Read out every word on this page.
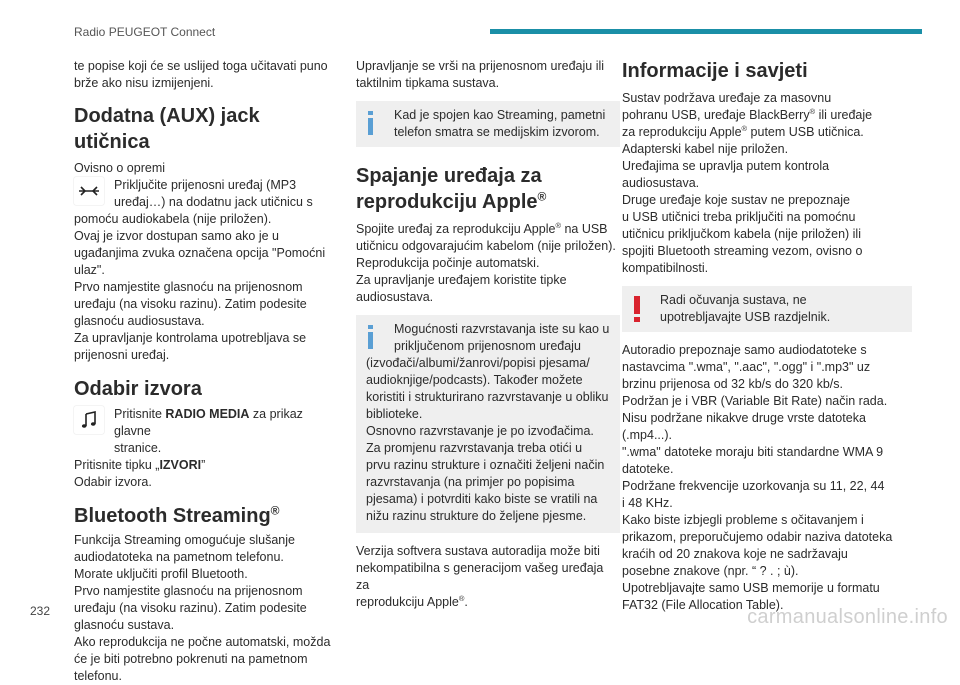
Radio PEUGEOT Connect

te popise koji će se uslijed toga učitavati puno

brže ako nisu izmijenjeni.

Dodatna (AUX) jack utičnica

Ovisno o opremi

Priključite prijenosni uređaj (MP3

uređaj…) na dodatnu jack utičnicu s

pomoću audiokabela (nije priložen).

Ovaj je izvor dostupan samo ako je u

ugađanjima zvuka označena opcija "Pomoćni

ulaz".

Prvo namjestite glasnoću na prijenosnom

uređaju (na visoku razinu). Zatim podesite

glasnoću audiosustava.

Za upravljanje kontrolama upotrebljava se

prijenosni uređaj.

Odabir izvora

Pritisnite RADIO MEDIA za prikaz glavne

stranice.

Pritisnite tipku „IZVORI”

Odabir izvora.

Bluetooth Streaming®

Funkcija Streaming omogućuje slušanje

audiodatoteka na pametnom telefonu.

Morate uključiti profil Bluetooth.

Prvo namjestite glasnoću na prijenosnom

uređaju (na visoku razinu). Zatim podesite

glasnoću sustava.

Ako reprodukcija ne počne automatski, možda

će je biti potrebno pokrenuti na pametnom

telefonu.

Upravljanje se vrši na prijenosnom uređaju ili

taktilnim tipkama sustava.

Kad je spojen kao Streaming, pametni

telefon smatra se medijskim izvorom.

Spajanje uređaja za
reprodukciju Apple®

Spojite uređaj za reprodukciju Apple® na USB

utičnicu odgovarajućim kabelom (nije priložen).

Reprodukcija počinje automatski.

Za upravljanje uređajem koristite tipke

audiosustava.

Mogućnosti razvrstavanja iste su kao u

priključenom prijenosnom uređaju

(izvođači/albumi/žanrovi/popisi pjesama/

audioknjige/podcasts). Također možete

koristiti i strukturirano razvrstavanje u obliku

biblioteke.

Osnovno razvrstavanje je po izvođačima.

Za promjenu razvrstavanja treba otići u

prvu razinu strukture i označiti željeni način

razvrstavanja (na primjer po popisima

pjesama) i potvrditi kako biste se vratili na

nižu razinu strukture do željene pjesme.

Verzija softvera sustava autoradija može biti

nekompatibilna s generacijom vašeg uređaja za

reprodukciju Apple®.

Informacije i savjeti

Sustav podržava uređaje za masovnu

pohranu USB, uređaje BlackBerry® ili uređaje

za reprodukciju Apple® putem USB utičnica.

Adapterski kabel nije priložen.

Uređajima se upravlja putem kontrola

audiosustava.

Druge uređaje koje sustav ne prepoznaje

u USB utičnici treba priključiti na pomoćnu

utičnicu priključkom kabela (nije priložen) ili

spojiti Bluetooth streaming vezom, ovisno o

kompatibilnosti.

Radi očuvanja sustava, ne

upotrebljavajte USB razdjelnik.

Autoradio prepoznaje samo audiodatoteke s

nastavcima ".wma", ".aac", ".ogg" i ".mp3" uz

brzinu prijenosa od 32 kb/s do 320 kb/s.

Podržan je i VBR (Variable Bit Rate) način rada.

Nisu podržane nikakve druge vrste datoteka

(.mp4...).

".wma" datoteke moraju biti standardne WMA 9

datoteke.

Podržane frekvencije uzorkovanja su 11, 22, 44

i 48 KHz.

Kako biste izbjegli probleme s očitavanjem i

prikazom, preporučujemo odabir naziva datoteka

kraćih od 20 znakova koje ne sadržavaju

posebne znakove (npr. “ ? . ; ù).

Upotrebljavajte samo USB memorije u formatu

FAT32 (File Allocation Table).

232	carmanualsonline.info
